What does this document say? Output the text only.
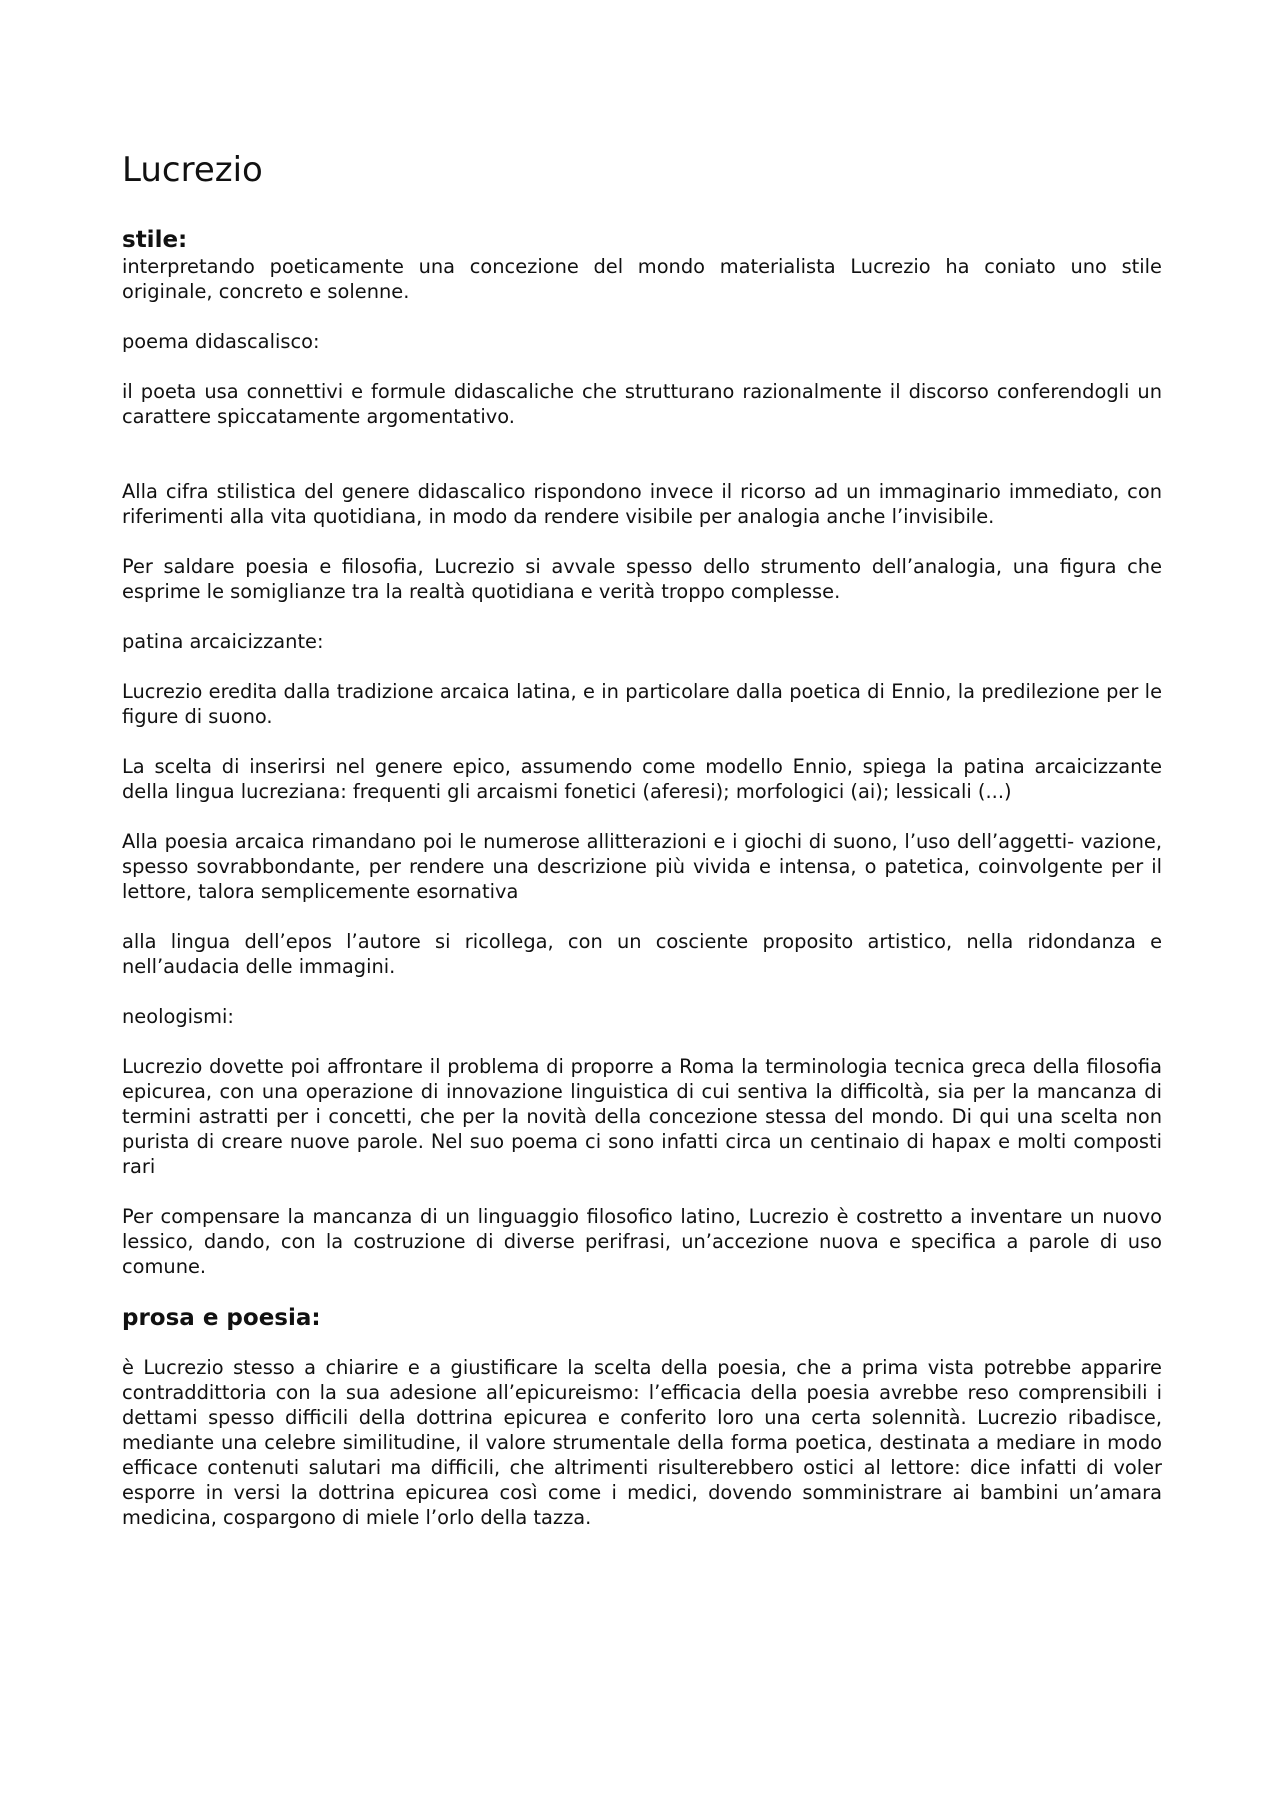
Lucrezio
stile:

interpretando poeticamente una concezione del mondo materialista Lucrezio ha coniato uno stile originale, concreto e solenne.

poema didascalisco:

il poeta usa connettivi e formule didascaliche che strutturano razionalmente il discorso conferendogli un carattere spiccatamente argomentativo.

Alla cifra stilistica del genere didascalico rispondono invece il ricorso ad un immaginario immediato, con riferimenti alla vita quotidiana, in modo da rendere visibile per analogia anche l’invisibile.

Per saldare poesia e filosofia, Lucrezio si avvale spesso dello strumento dell’analogia, una figura che esprime le somiglianze tra la realtà quotidiana e verità troppo complesse.

patina arcaicizzante:

Lucrezio eredita dalla tradizione arcaica latina, e in particolare dalla poetica di Ennio, la predilezione per le figure di suono.

La scelta di inserirsi nel genere epico, assumendo come modello Ennio, spiega la patina arcaicizzante della lingua lucreziana: frequenti gli arcaismi fonetici (aferesi); morfologici (ai); lessicali (...)

Alla poesia arcaica rimandano poi le numerose allitterazioni e i giochi di suono, l’uso dell’aggetti- vazione, spesso sovrabbondante, per rendere una descrizione più vivida e intensa, o patetica, coinvolgente per il lettore, talora semplicemente esornativa

alla lingua dell’epos l’autore si ricollega, con un cosciente proposito artistico, nella ridondanza e nell’audacia delle immagini.

neologismi:

Lucrezio dovette poi affrontare il problema di proporre a Roma la terminologia tecnica greca della filosofia epicurea, con una operazione di innovazione linguistica di cui sentiva la difficoltà, sia per la mancanza di termini astratti per i concetti, che per la novità della concezione stessa del mondo. Di qui una scelta non purista di creare nuove parole. Nel suo poema ci sono infatti circa un centinaio di hapax e molti composti rari

Per compensare la mancanza di un linguaggio filosofico latino, Lucrezio è costretto a inventare un nuovo lessico, dando, con la costruzione di diverse perifrasi, un’accezione nuova e specifica a parole di uso comune.

prosa e poesia:

è Lucrezio stesso a chiarire e a giustificare la scelta della poesia, che a prima vista potrebbe apparire contraddittoria con la sua adesione all’epicureismo: l’efficacia della poesia avrebbe reso comprensibili i dettami spesso difficili della dottrina epicurea e conferito loro una certa solennità. Lucrezio ribadisce, mediante una celebre similitudine, il valore strumentale della forma poetica, destinata a mediare in modo efficace contenuti salutari ma difficili, che altrimenti risulterebbero ostici al lettore: dice infatti di voler esporre in versi la dottrina epicurea così come i medici, dovendo somministrare ai bambini un’amara medicina, cospargono di miele l’orlo della tazza.
